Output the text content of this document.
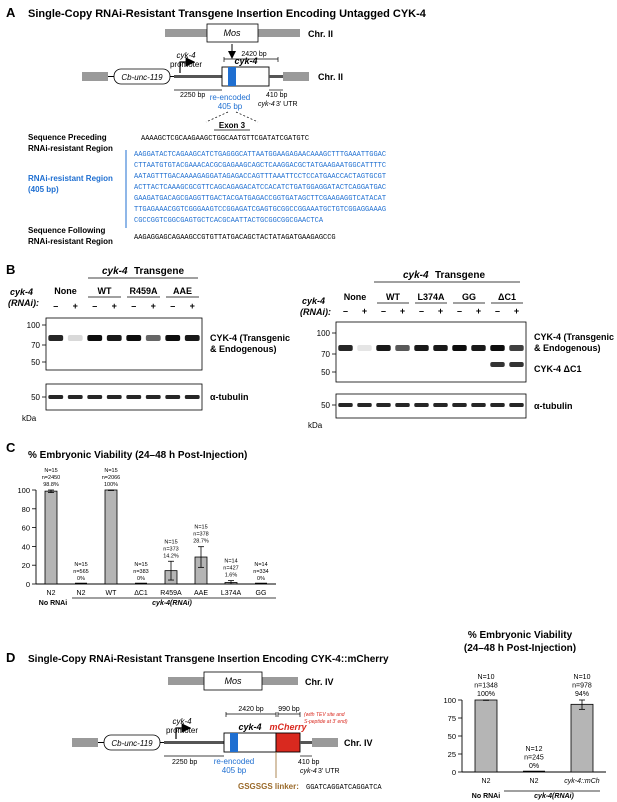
A Single-Copy RNAi-Resistant Transgene Insertion Encoding Untagged CYK-4
Mos	Chr. II
2420 bp
Cb-unc-119
cyk-4
cyk-4
promoter
Chr. II
2250 bp	410 bp
cyk-4 3' UTR
re-encoded
405 bp
Exon 3
Sequence Preceding
RNAi-resistant Region
AAAAGCTCGCAAGAAGCTGGCAATGTTCGATATCGATGTC
RNAi-resistant Region
(405 bp)
AAGGATACTCAGAAGCATCTGAGGGCATTAATGGAAGAGAACAAAGCTTTGAAATTGGAC
CTTAATGTGTACGAAACACGCGAGAAGCAGCTCAAGGACGCTATGAAGAATGGCATTTTC
AATAGTTTGACAAAAGAGGATAGAGACCAGTTTAAATTCCTCCATGAACCACTAGTGCGT
ACTTACTCAAAGCGCGTTCAGCAGAGACATCCACATCTGATGGAGGATACTCAGGATGAC
GAAGATGACAGCGAGGTTGACTACGATGAGACCGGTGATAGCTTCGAAGAGGTCATACAT
TTGAGAAACGGTCGGGAAGTCCGGAGATCGAGTGCGGCCGGAAATGCTGTCGGAGGAAAG
CGCCGGTCGGCGAGTGCTCACGCAATTACTGCGGCGGCGAACTCA
Sequence Following
RNAi-resistant Region	AAGAGGAGCAGAAGCCGTGTTATGACAGCTACTATAGATGAAGAGCCG
B	cyk-4 Transgene
cyk-4
(RNAi):
None
– +
WT
– +
R459A
– +
AAE
– +
100
70
50
50
kDa
CYK-4 (Transgenic
& Endogenous)
α-tubulin
cyk-4 Transgene
cyk-4
(RNAi):
None
– +
WT
– +
L374A
– +
GG
– +
ΔC1
– +
100
70
50
50
kDa
CYK-4 (Transgenic
& Endogenous)
CYK-4 ΔC1
α-tubulin
C
% Embryonic Viability (24–48 h Post-Injection)
0
20
40
60
80
100
N=15
n=2450
98.8%
N2
N=15
n=565
0%
N2
N=15
n=2066
100%
WT
N=15
n=383
0%
ΔC1
N=15
n=373
14.2%
R459A
N=15
n=378
28.7%
AAE
N=14
n=427
1.6%
L374A
N=14
n=334
0%
GG
No RNAi	cyk-4(RNAi)
D Single-Copy RNAi-Resistant Transgene Insertion Encoding CYK-4::mCherry
Mos	Chr. IV
2420 bp 990 bp
Cb-unc-119
cyk-4 mCherry
(with TEV site and
S-peptide at 3' end)
cyk-4
promoter
Chr. IV
2250 bp	410 bp
cyk-4 3' UTR
re-encoded
405 bp
GSGSGS linker: GGATCAGGATCAGGATCA
% Embryonic Viability
(24–48 h Post-Injection)
0
25
50
75
100
N=10
n=1348
100%
N2
N=12
n=245
0%
N2
N=10
n=978
94%
cyk-4::mCh
No RNAi	cyk-4(RNAi)
